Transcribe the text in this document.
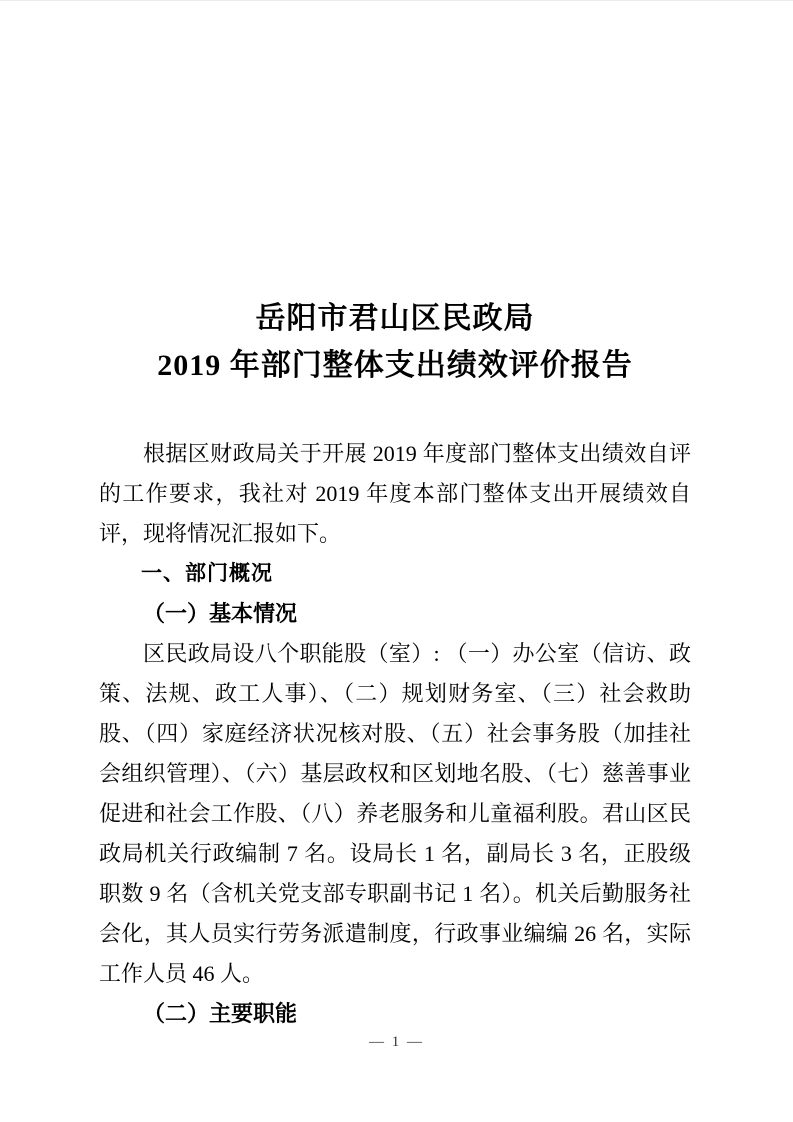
岳阳市君山区民政局
2019 年部门整体支出绩效评价报告

根据区财政局关于开展 2019 年度部门整体支出绩效自评的工作要求，我社对 2019 年度本部门整体支出开展绩效自评，现将情况汇报如下。

一、部门概况
（一）基本情况

区民政局设八个职能股（室）: （一）办公室（信访、政策、法规、政工人事）、（二）规划财务室、（三）社会救助股、（四）家庭经济状况核对股、（五）社会事务股（加挂社会组织管理）、（六）基层政权和区划地名股、（七）慈善事业促进和社会工作股、（八）养老服务和儿童福利股。君山区民政局机关行政编制 7 名。设局长 1 名，副局长 3 名，正股级职数 9 名（含机关党支部专职副书记 1 名）。机关后勤服务社会化，其人员实行劳务派遣制度，行政事业编编 26 名，实际工作人员 46 人。

（二）主要职能
— 1 —
